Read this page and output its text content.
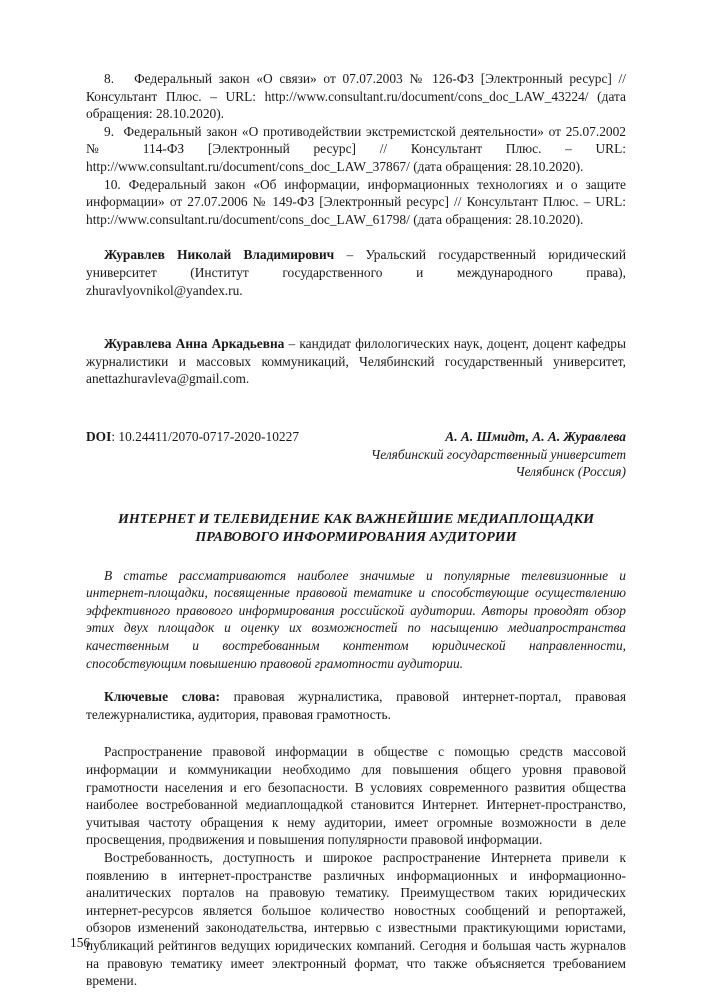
8.   Федеральный закон «О связи» от 07.07.2003 № 126-ФЗ [Электронный ресурс] // Консультант Плюс. – URL: http://www.consultant.ru/document/cons_doc_LAW_43224/ (дата обращения: 28.10.2020).

9.  Федеральный закон «О противодействии экстремистской деятельности» от 25.07.2002 № 114-ФЗ [Электронный ресурс] // Консультант Плюс. – URL: http://www.consultant.ru/document/cons_doc_LAW_37867/ (дата обращения: 28.10.2020).

10. Федеральный закон «Об информации, информационных технологиях и о защите информации» от 27.07.2006 № 149-ФЗ [Электронный ресурс] // Консультант Плюс. – URL: http://www.consultant.ru/document/cons_doc_LAW_61798/ (дата обращения: 28.10.2020).

Журавлев Николай Владимирович – Уральский государственный юридический университет (Институт государственного и международного права), zhuravlyovnikol@yandex.ru.

Журавлева Анна Аркадьевна – кандидат филологических наук, доцент, доцент кафедры журналистики и массовых коммуникаций, Челябинский государственный университет, anettazhuravleva@gmail.com.

DOI: 10.24411/2070-0717-2020-10227	А. А. Шмидт, А. А. Журавлева
Челябинский государственный университет
Челябинск (Россия)
ИНТЕРНЕТ И ТЕЛЕВИДЕНИЕ КАК ВАЖНЕЙШИЕ МЕДИАПЛОЩАДКИ ПРАВОВОГО ИНФОРМИРОВАНИЯ АУДИТОРИИ

В статье рассматриваются наиболее значимые и популярные телевизионные и интернет-площадки, посвященные правовой тематике и способствующие осуществлению эффективного правового информирования российской аудитории. Авторы проводят обзор этих двух площадок и оценку их возможностей по насыщению медиапространства качественным и востребованным контентом юридической направленности, способствующим повышению правовой грамотности аудитории.

Ключевые слова: правовая журналистика, правовой интернет-портал, правовая тележурналистика, аудитория, правовая грамотность.

Распространение правовой информации в обществе с помощью средств массовой информации и коммуникации необходимо для повышения общего уровня правовой грамотности населения и его безопасности. В условиях современного развития общества наиболее востребованной медиаплощадкой становится Интернет. Интернет-пространство, учитывая частоту обращения к нему аудитории, имеет огромные возможности в деле просвещения, продвижения и повышения популярности правовой информации.

Востребованность, доступность и широкое распространение Интернета привели к появлению в интернет-пространстве различных информационных и информационно-аналитических порталов на правовую тематику. Преимуществом таких юридических интернет-ресурсов является большое количество новостных сообщений и репортажей, обзоров изменений законодательства, интервью с известными практикующими юристами, публикаций рейтингов ведущих юридических компаний. Сегодня и большая часть журналов на правовую тематику имеет электронный формат, что также объясняется требованием времени.

156
